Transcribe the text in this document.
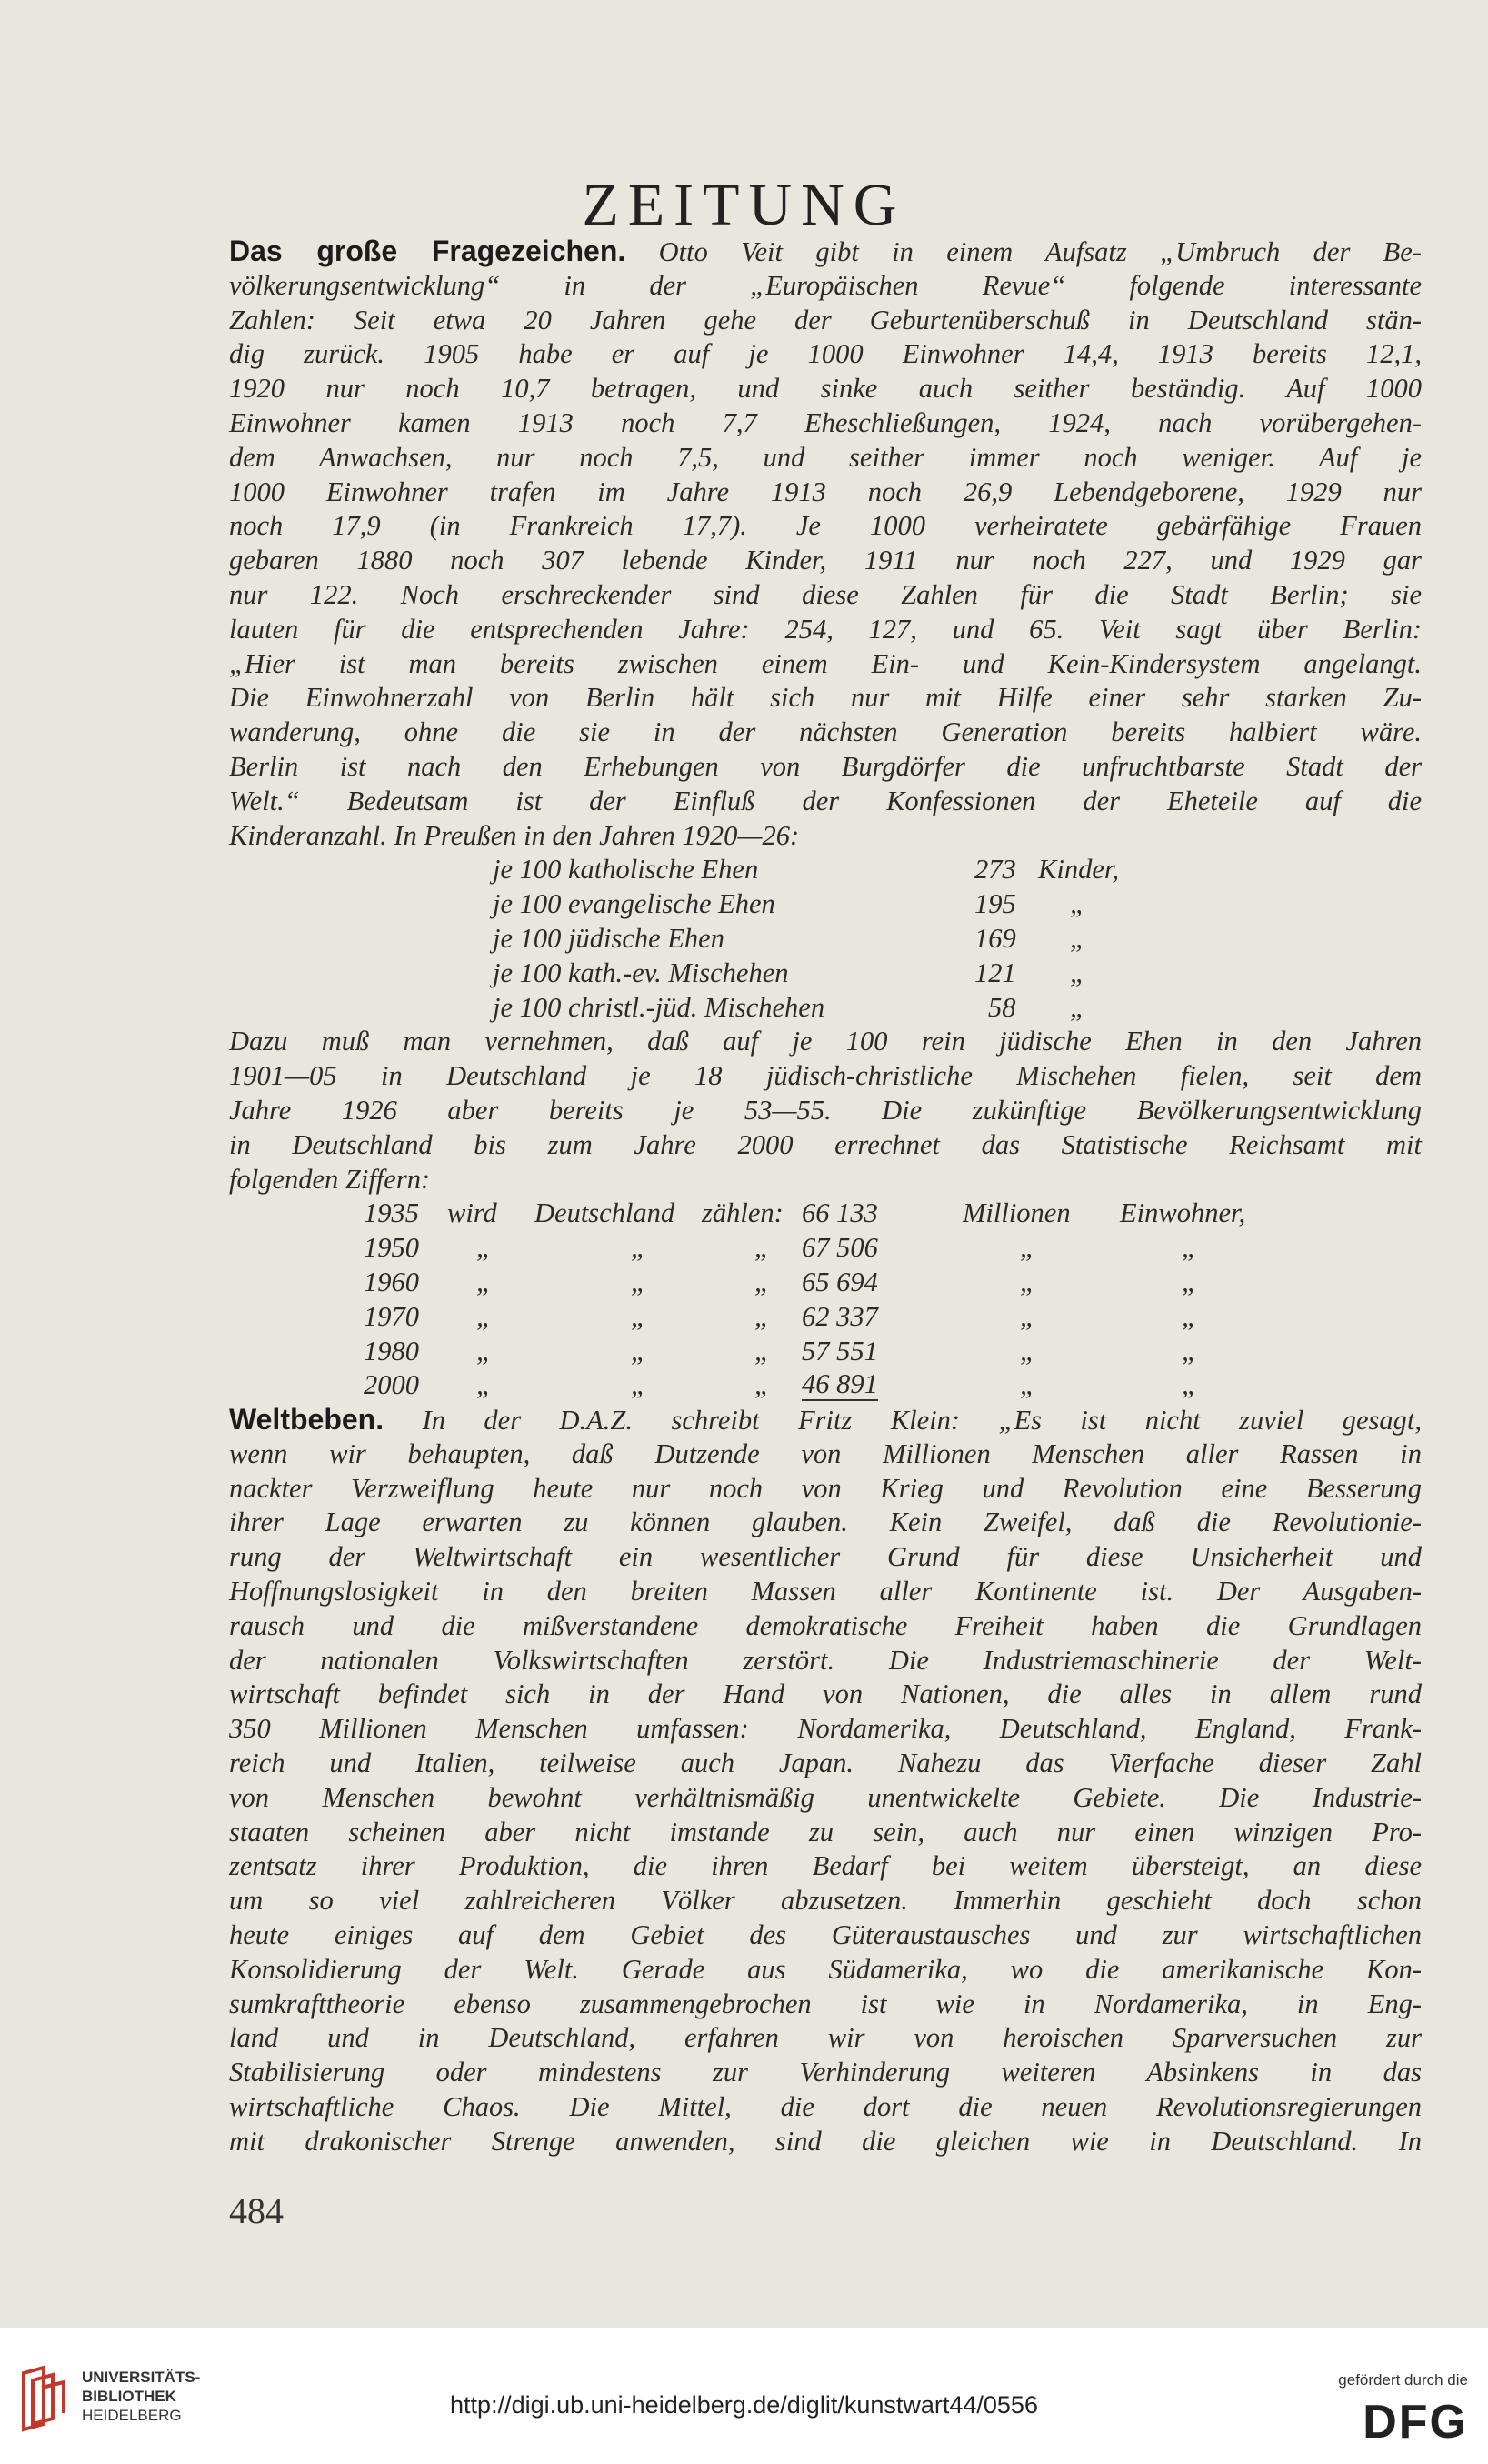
ZEITUNG
Das große Fragezeichen. Otto Veit gibt in einem Aufsatz „Umbruch der Be-
völkerungsentwicklung“ in der „Europäischen Revue“ folgende interessante
Zahlen: Seit etwa 20 Jahren gehe der Geburtenüberschuß in Deutschland stän-
dig zurück. 1905 habe er auf je 1000 Einwohner 14,4, 1913 bereits 12,1,
1920 nur noch 10,7 betragen, und sinke auch seither beständig. Auf 1000
Einwohner kamen 1913 noch 7,7 Eheschließungen, 1924, nach vorübergehen-
dem Anwachsen, nur noch 7,5, und seither immer noch weniger. Auf je
1000 Einwohner trafen im Jahre 1913 noch 26,9 Lebendgeborene, 1929 nur
noch 17,9 (in Frankreich 17,7). Je 1000 verheiratete gebärfähige Frauen
gebaren 1880 noch 307 lebende Kinder, 1911 nur noch 227, und 1929 gar
nur 122. Noch erschreckender sind diese Zahlen für die Stadt Berlin; sie
lauten für die entsprechenden Jahre: 254, 127, und 65. Veit sagt über Berlin:
„Hier ist man bereits zwischen einem Ein- und Kein-Kindersystem angelangt.
Die Einwohnerzahl von Berlin hält sich nur mit Hilfe einer sehr starken Zu-
wanderung, ohne die sie in der nächsten Generation bereits halbiert wäre.
Berlin ist nach den Erhebungen von Burgdörfer die unfruchtbarste Stadt der
Welt.“ Bedeutsam ist der Einfluß der Konfessionen der Eheteile auf die
Kinderanzahl. In Preußen in den Jahren 1920—26:
je 100 katholische Ehen	273 Kinder,
je 100 evangelische Ehen	195 „
je 100 jüdische Ehen	169 „
je 100 kath.-ev. Mischehen	121 „
je 100 christl.-jüd. Mischehen	58 „
Dazu muß man vernehmen, daß auf je 100 rein jüdische Ehen in den Jahren
1901—05 in Deutschland je 18 jüdisch-christliche Mischehen fielen, seit dem
Jahre 1926 aber bereits je 53—55. Die zukünftige Bevölkerungsentwicklung
in Deutschland bis zum Jahre 2000 errechnet das Statistische Reichsamt mit
folgenden Ziffern:
1935 wird Deutschland zählen: 66 133	Millionen Einwohner,
1950 „	„	„ 67 506	„	„
1960 „	„	„ 65 694	„	„
1970 „	„	„ 62 337	„	„
1980 „	„	„ 57 551	„	„
2000 „	„	„ 46 891	„	„
Weltbeben. In der D.A.Z. schreibt Fritz Klein: „Es ist nicht zuviel gesagt,
wenn wir behaupten, daß Dutzende von Millionen Menschen aller Rassen in
nackter Verzweiflung heute nur noch von Krieg und Revolution eine Besserung
ihrer Lage erwarten zu können glauben. Kein Zweifel, daß die Revolutionie-
rung der Weltwirtschaft ein wesentlicher Grund für diese Unsicherheit und
Hoffnungslosigkeit in den breiten Massen aller Kontinente ist. Der Ausgaben-
rausch und die mißverstandene demokratische Freiheit haben die Grundlagen
der nationalen Volkswirtschaften zerstört. Die Industriemaschinerie der Welt-
wirtschaft befindet sich in der Hand von Nationen, die alles in allem rund
350 Millionen Menschen umfassen: Nordamerika, Deutschland, England, Frank-
reich und Italien, teilweise auch Japan. Nahezu das Vierfache dieser Zahl
von Menschen bewohnt verhältnismäßig unentwickelte Gebiete. Die Industrie-
staaten scheinen aber nicht imstande zu sein, auch nur einen winzigen Pro-
zentsatz ihrer Produktion, die ihren Bedarf bei weitem übersteigt, an diese
um so viel zahlreicheren Völker abzusetzen. Immerhin geschieht doch schon
heute einiges auf dem Gebiet des Güteraustausches und zur wirtschaftlichen
Konsolidierung der Welt. Gerade aus Südamerika, wo die amerikanische Kon-
sumkrafttheorie ebenso zusammengebrochen ist wie in Nordamerika, in Eng-
land und in Deutschland, erfahren wir von heroischen Sparversuchen zur
Stabilisierung oder mindestens zur Verhinderung weiteren Absinkens in das
wirtschaftliche Chaos. Die Mittel, die dort die neuen Revolutionsregierungen
mit drakonischer Strenge anwenden, sind die gleichen wie in Deutschland. In
484
UNIVERSITÄTS-
BIBLIOTHEK
HEIDELBERG	http://digi.ub.uni-heidelberg.de/diglit/kunstwart44/0556
gefördert durch die
DFG
